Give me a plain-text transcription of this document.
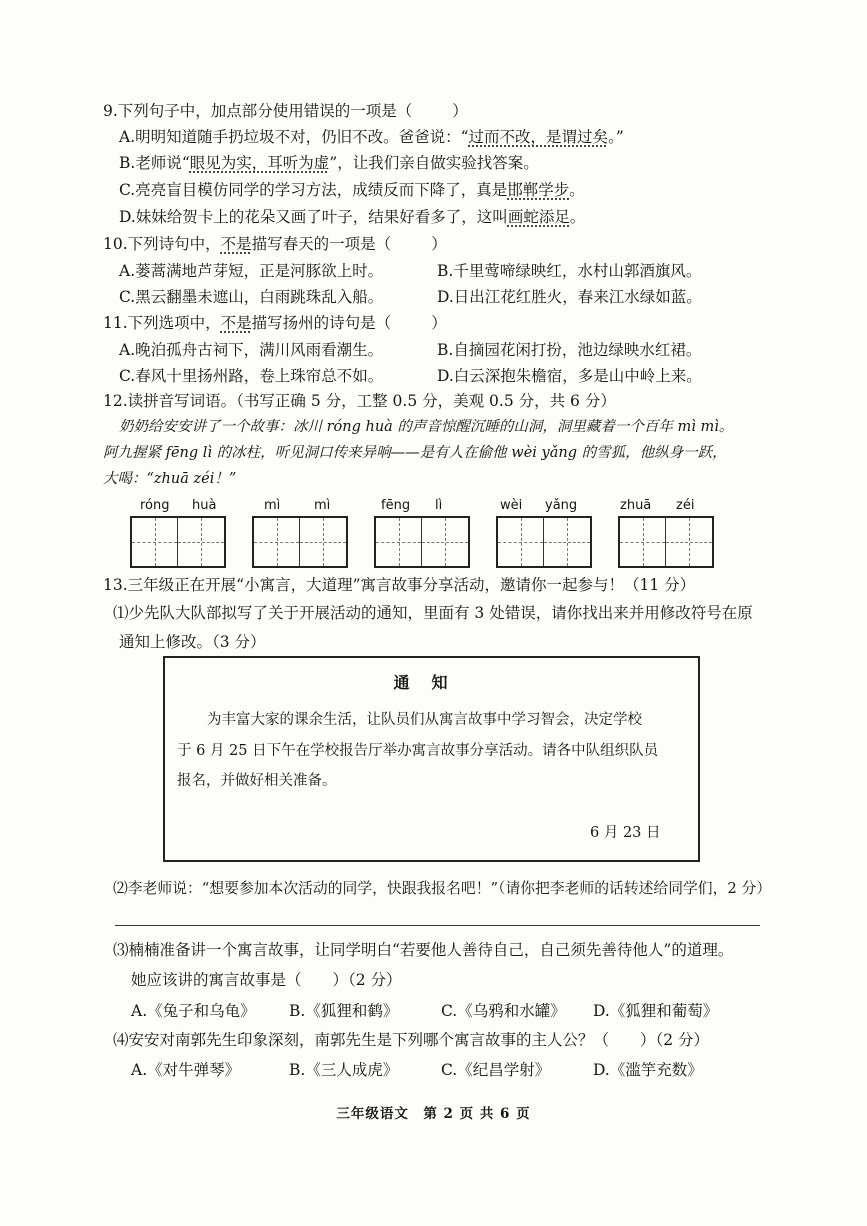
9.下列句子中，加点部分使用错误的一项是（	）
A.明明知道随手扔垃圾不对，仍旧不改。爸爸说：“过而不改，是谓过矣。”
B.老师说“眼见为实，耳听为虚”，让我们亲自做实验找答案。
C.亮亮盲目模仿同学的学习方法，成绩反而下降了，真是邯郸学步。
D.妹妹给贺卡上的花朵又画了叶子，结果好看多了，这叫画蛇添足。
10.下列诗句中，不是描写春天的一项是（	）
A.蒌蒿满地芦芽短，正是河豚欲上时。	B.千里莺啼绿映红，水村山郭酒旗风。
C.黑云翻墨未遮山，白雨跳珠乱入船。	D.日出江花红胜火，春来江水绿如蓝。
11.下列选项中，不是描写扬州的诗句是（	）
A.晚泊孤舟古祠下，满川风雨看潮生。	B.自摘园花闲打扮，池边绿映水红裙。
C.春风十里扬州路，卷上珠帘总不如。	D.白云深抱朱檐宿，多是山中岭上来。
12.读拼音写词语。（书写正确 5 分，工整 0.5 分，美观 0.5 分，共 6 分）
奶奶给安安讲了一个故事：冰川 róng huà 的声音惊醒沉睡的山洞，洞里藏着一个百年 mì mì。
阿九握紧 fēng lì 的冰柱，听见洞口传来异响——是有人在偷他 wèi yǎng 的雪狐，他纵身一跃，
大喝：“zhuā zéi！”
róng huà	mì	mì	fēng lì	wèi yǎng	zhuā zéi
13.三年级正在开展“小寓言，大道理”寓言故事分享活动，邀请你一起参与！（11 分）
⑴少先队大队部拟写了关于开展活动的通知，里面有 3 处错误，请你找出来并用修改符号在原
通知上修改。（3 分）
通知
为丰富大家的课余生活，让队员们从寓言故事中学习智会，决定学校
于 6 月 25 日下午在学校报告厅举办寓言故事分享活动。请各中队组织队员
报名，并做好相关准备。
6 月 23 日
⑵李老师说：“想要参加本次活动的同学，快跟我报名吧！”（请你把李老师的话转述给同学们，2 分）
⑶楠楠准备讲一个寓言故事，让同学明白“若要他人善待自己，自己须先善待他人”的道理。
她应该讲的寓言故事是（　　）（2 分）
A.《兔子和乌龟》 B.《狐狸和鹤》	C.《乌鸦和水罐》 D.《狐狸和葡萄》
⑷安安对南郭先生印象深刻，南郭先生是下列哪个寓言故事的主人公？（　　）（2 分）
A.《对牛弹琴》	B.《三人成虎》	C.《纪昌学射》	D.《滥竽充数》
三年级语文　第 2 页 共 6 页
